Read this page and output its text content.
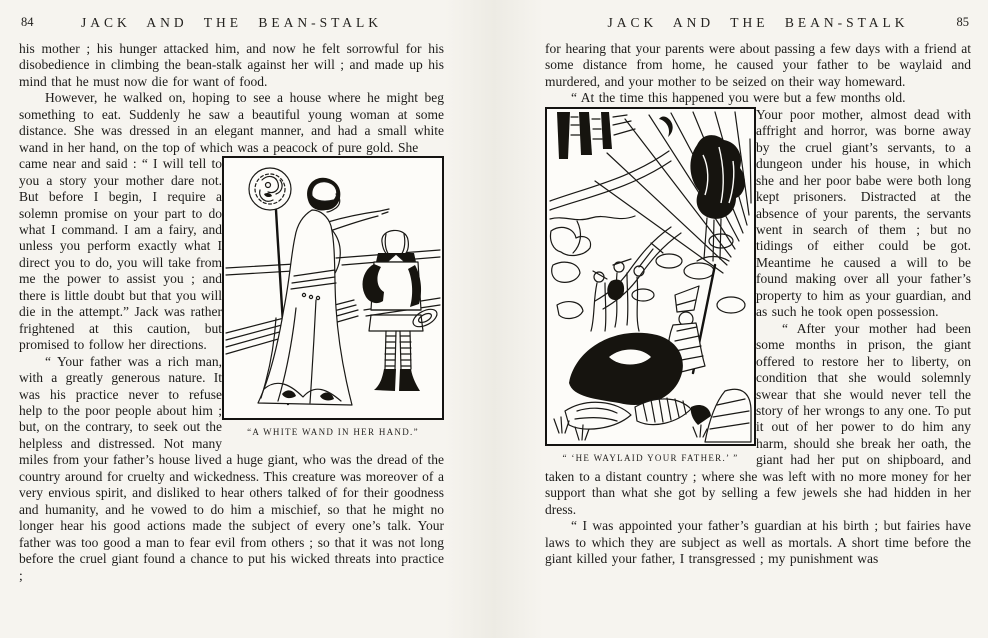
84	JACK AND THE BEAN-STALK

his mother ; his hunger attacked him, and now he felt sorrowful for his disobedience in climbing the bean-stalk against her will ; and made up his mind that he must now die for want of food.

However, he walked on, hoping to see a house where he might beg something to eat. Suddenly he saw a beautiful young woman at some distance. She was dressed in an elegant manner, and had a small white wand in her hand, on the top of which was a peacock of pure gold. She

“A WHITE WAND IN HER HAND.”

came near and said : “ I will tell to you a story your mother dare not. But before I begin, I require a solemn promise on your part to do what I command. I am a fairy, and unless you perform exactly what I direct you to do, you will take from me the power to assist you ; and there is little doubt but that you will die in the attempt.” Jack was rather frightened at this caution, but promised to follow her directions.

“ Your father was a rich man, with a greatly generous nature. It was his practice never to refuse help to the poor people about him ; but, on the contrary, to seek out the helpless and distressed. Not many miles from your father’s house lived a huge giant, who was the dread of the country around for cruelty and wickedness. This creature was moreover of a very envious spirit, and disliked to hear others talked of for their goodness and humanity, and he vowed to do him a mischief, so that he might no longer hear his good actions made the subject of every one’s talk. Your father was too good a man to fear evil from others ; so that it was not long before the cruel giant found a chance to put his wicked threats into practice ;

JACK AND THE BEAN-STALK	85

for hearing that your parents were about passing a few days with a friend at some distance from home, he caused your father to be waylaid and murdered, and your mother to be seized on their way homeward.

“ At the time this happened you were but a few months old.

“ ‘HE WAYLAID YOUR FATHER.’ ”

Your poor mother, almost dead with affright and horror, was borne away by the cruel giant’s servants, to a dungeon under his house, in which she and her poor babe were both long kept prisoners. Distracted at the absence of your parents, the servants went in search of them ; but no tidings of either could be got. Meantime he caused a will to be found making over all your father’s property to him as your guardian, and as such he took open possession.

“ After your mother had been some months in prison, the giant offered to restore her to liberty, on condition that she would solemnly swear that she would never tell the story of her wrongs to any one. To put it out of her power to do him any harm, should she break her oath, the giant had her put on shipboard, and taken to a distant country ; where she was left with no more money for her support than what she got by selling a few jewels she had hidden in her dress.

“ I was appointed your father’s guardian at his birth ; but fairies have laws to which they are subject as well as mortals. A short time before the giant killed your father, I transgressed ; my punishment was
